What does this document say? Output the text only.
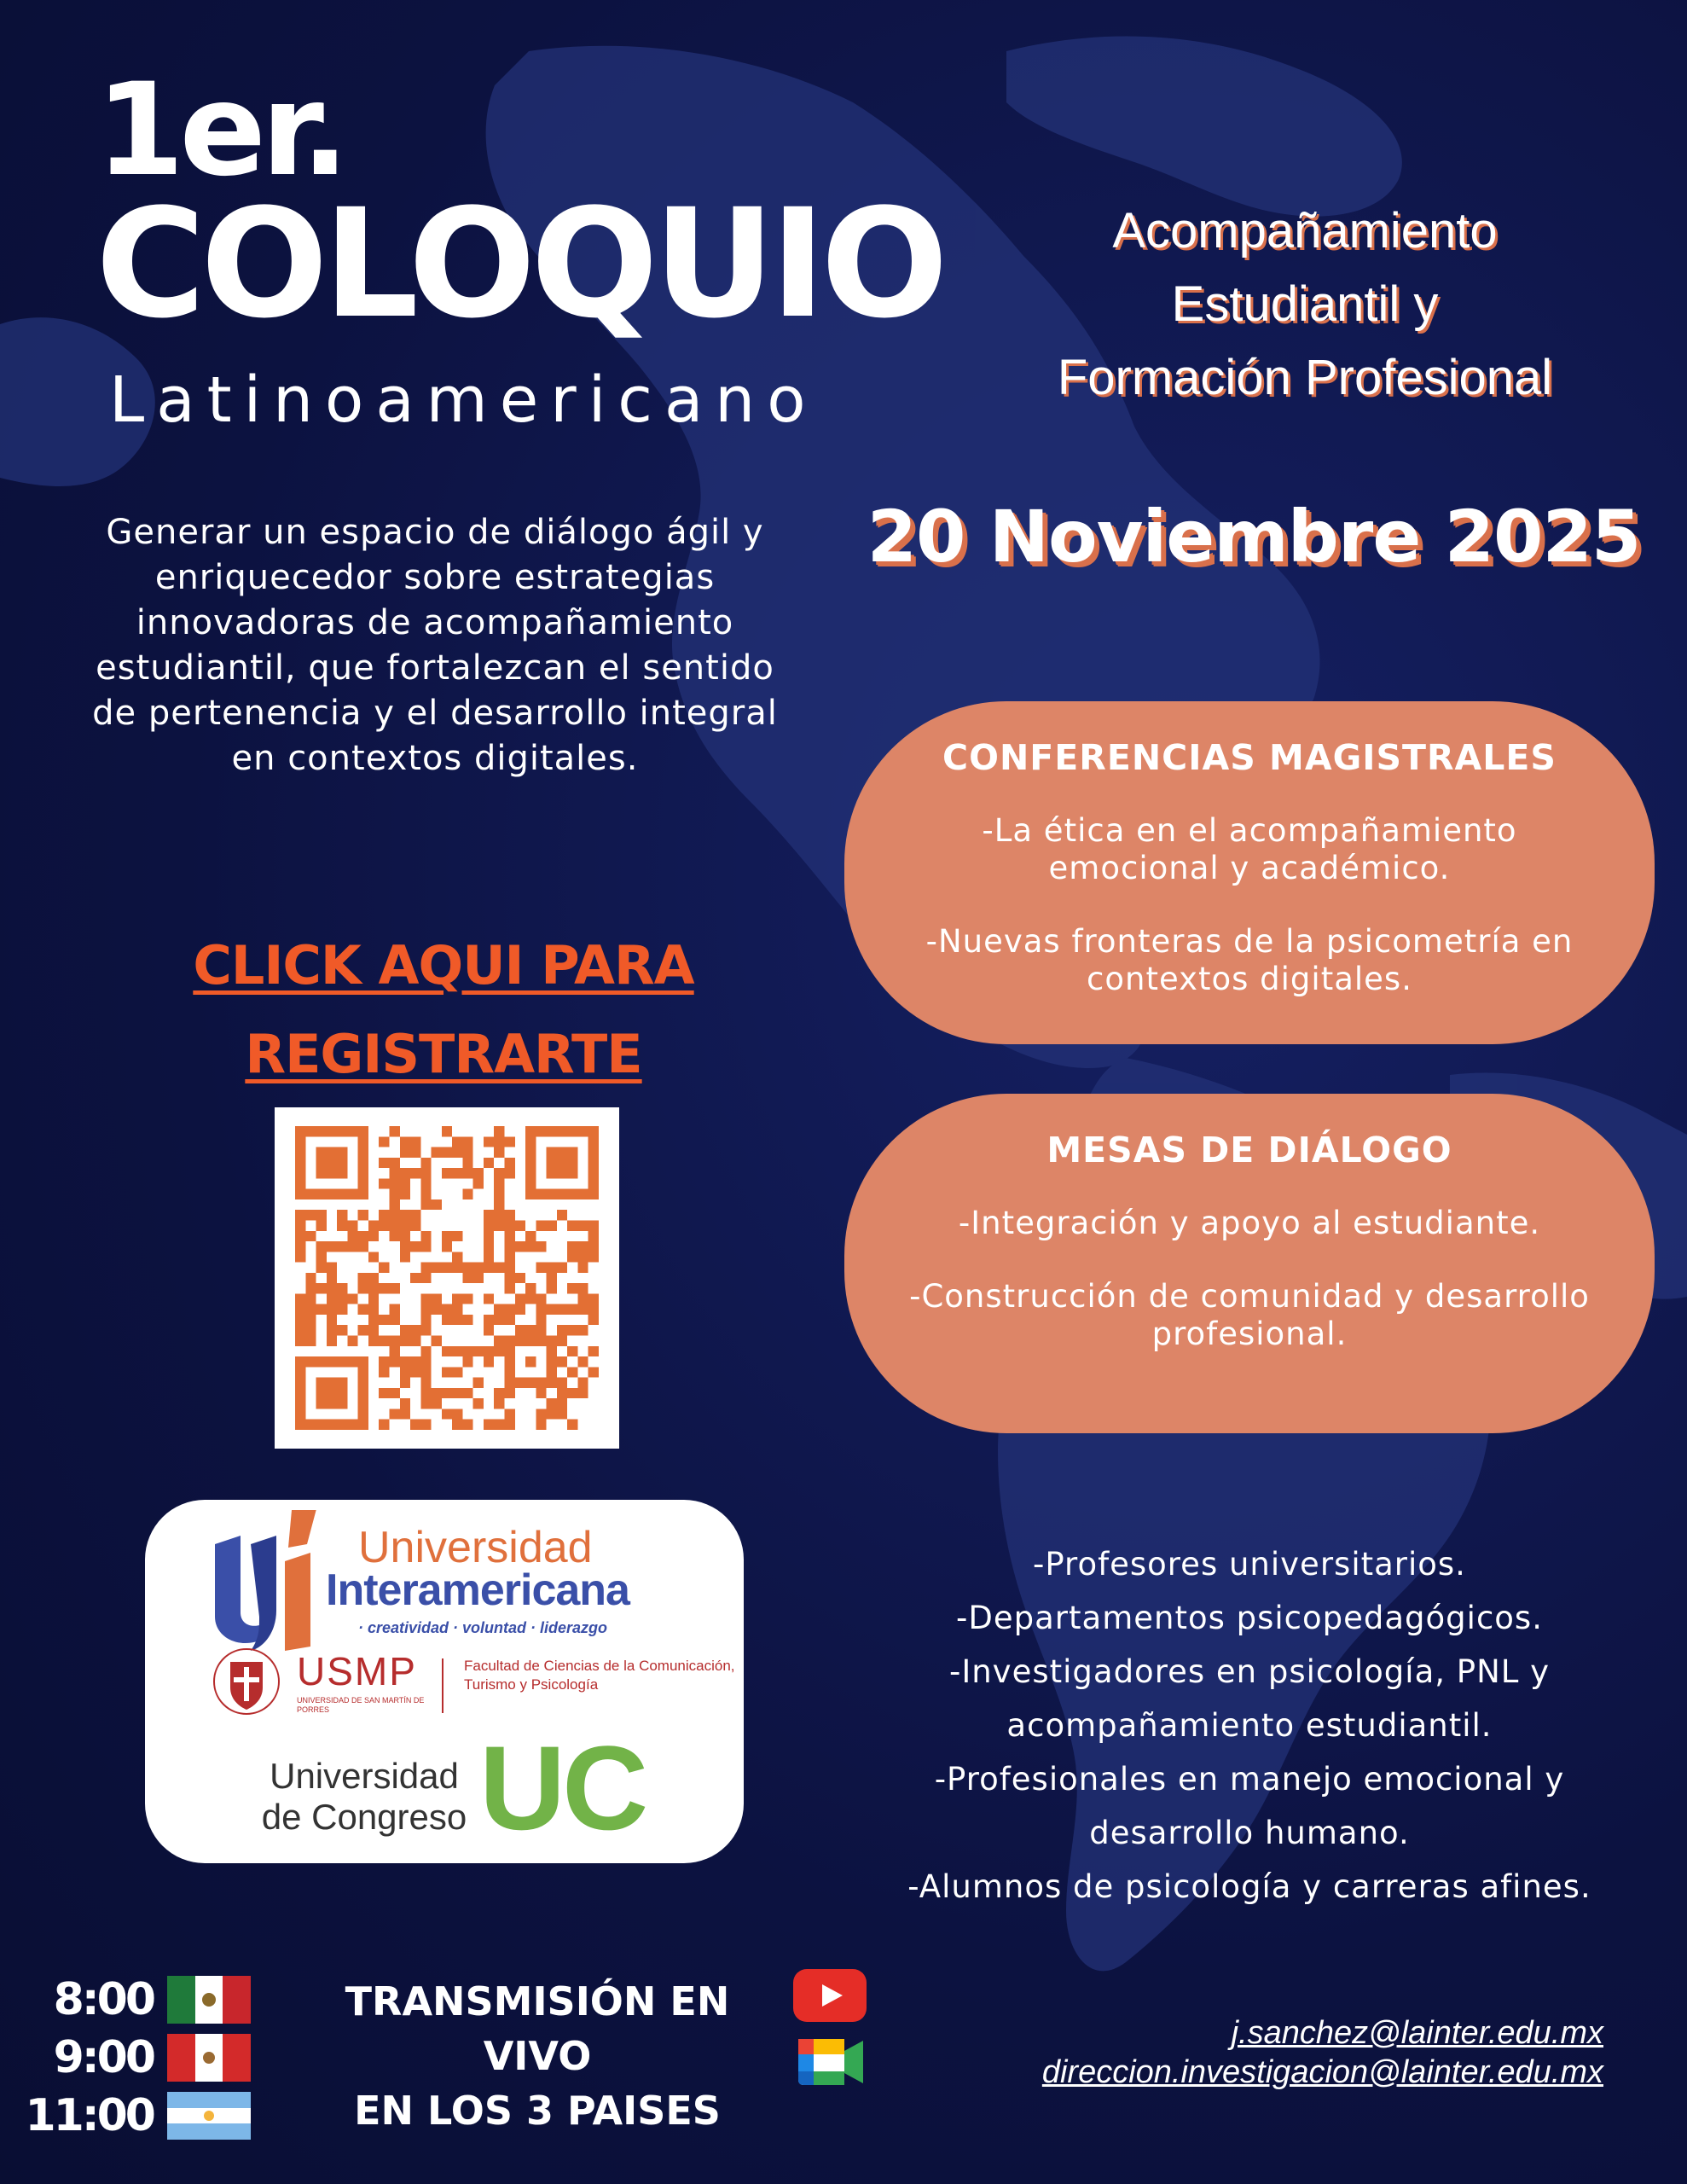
1er.
COLOQUIO
Latinoamericano
Acompañamiento
Estudiantil y
Formación Profesional
20 Noviembre 2025
Generar un espacio de diálogo ágil y enriquecedor sobre estrategias innovadoras de acompañamiento estudiantil, que fortalezcan el sentido de pertenencia y el desarrollo integral en contextos digitales.
CLICK AQUI PARA
REGISTRARTE
Universidad
Interamericana
· creatividad · voluntad · liderazgo
USMP
UNIVERSIDAD DE SAN MARTÍN DE PORRES
Facultad de Ciencias de la Comunicación, Turismo y Psicología
Universidad de Congreso UC
CONFERENCIAS MAGISTRALES

-La ética en el acompañamiento emocional y académico.

-Nuevas fronteras de la psicometría en contextos digitales.

MESAS DE DIÁLOGO

-Integración y apoyo al estudiante.

-Construcción de comunidad y desarrollo profesional.

-Profesores universitarios.
-Departamentos psicopedagógicos.
-Investigadores en psicología, PNL y acompañamiento estudiantil.
-Profesionales en manejo emocional y desarrollo humano.
-Alumnos de psicología y carreras afines.
8:00
9:00
11:00
TRANSMISIÓN EN VIVO
EN LOS 3 PAISES
j.sanchez@lainter.edu.mx
direccion.investigacion@lainter.edu.mx
